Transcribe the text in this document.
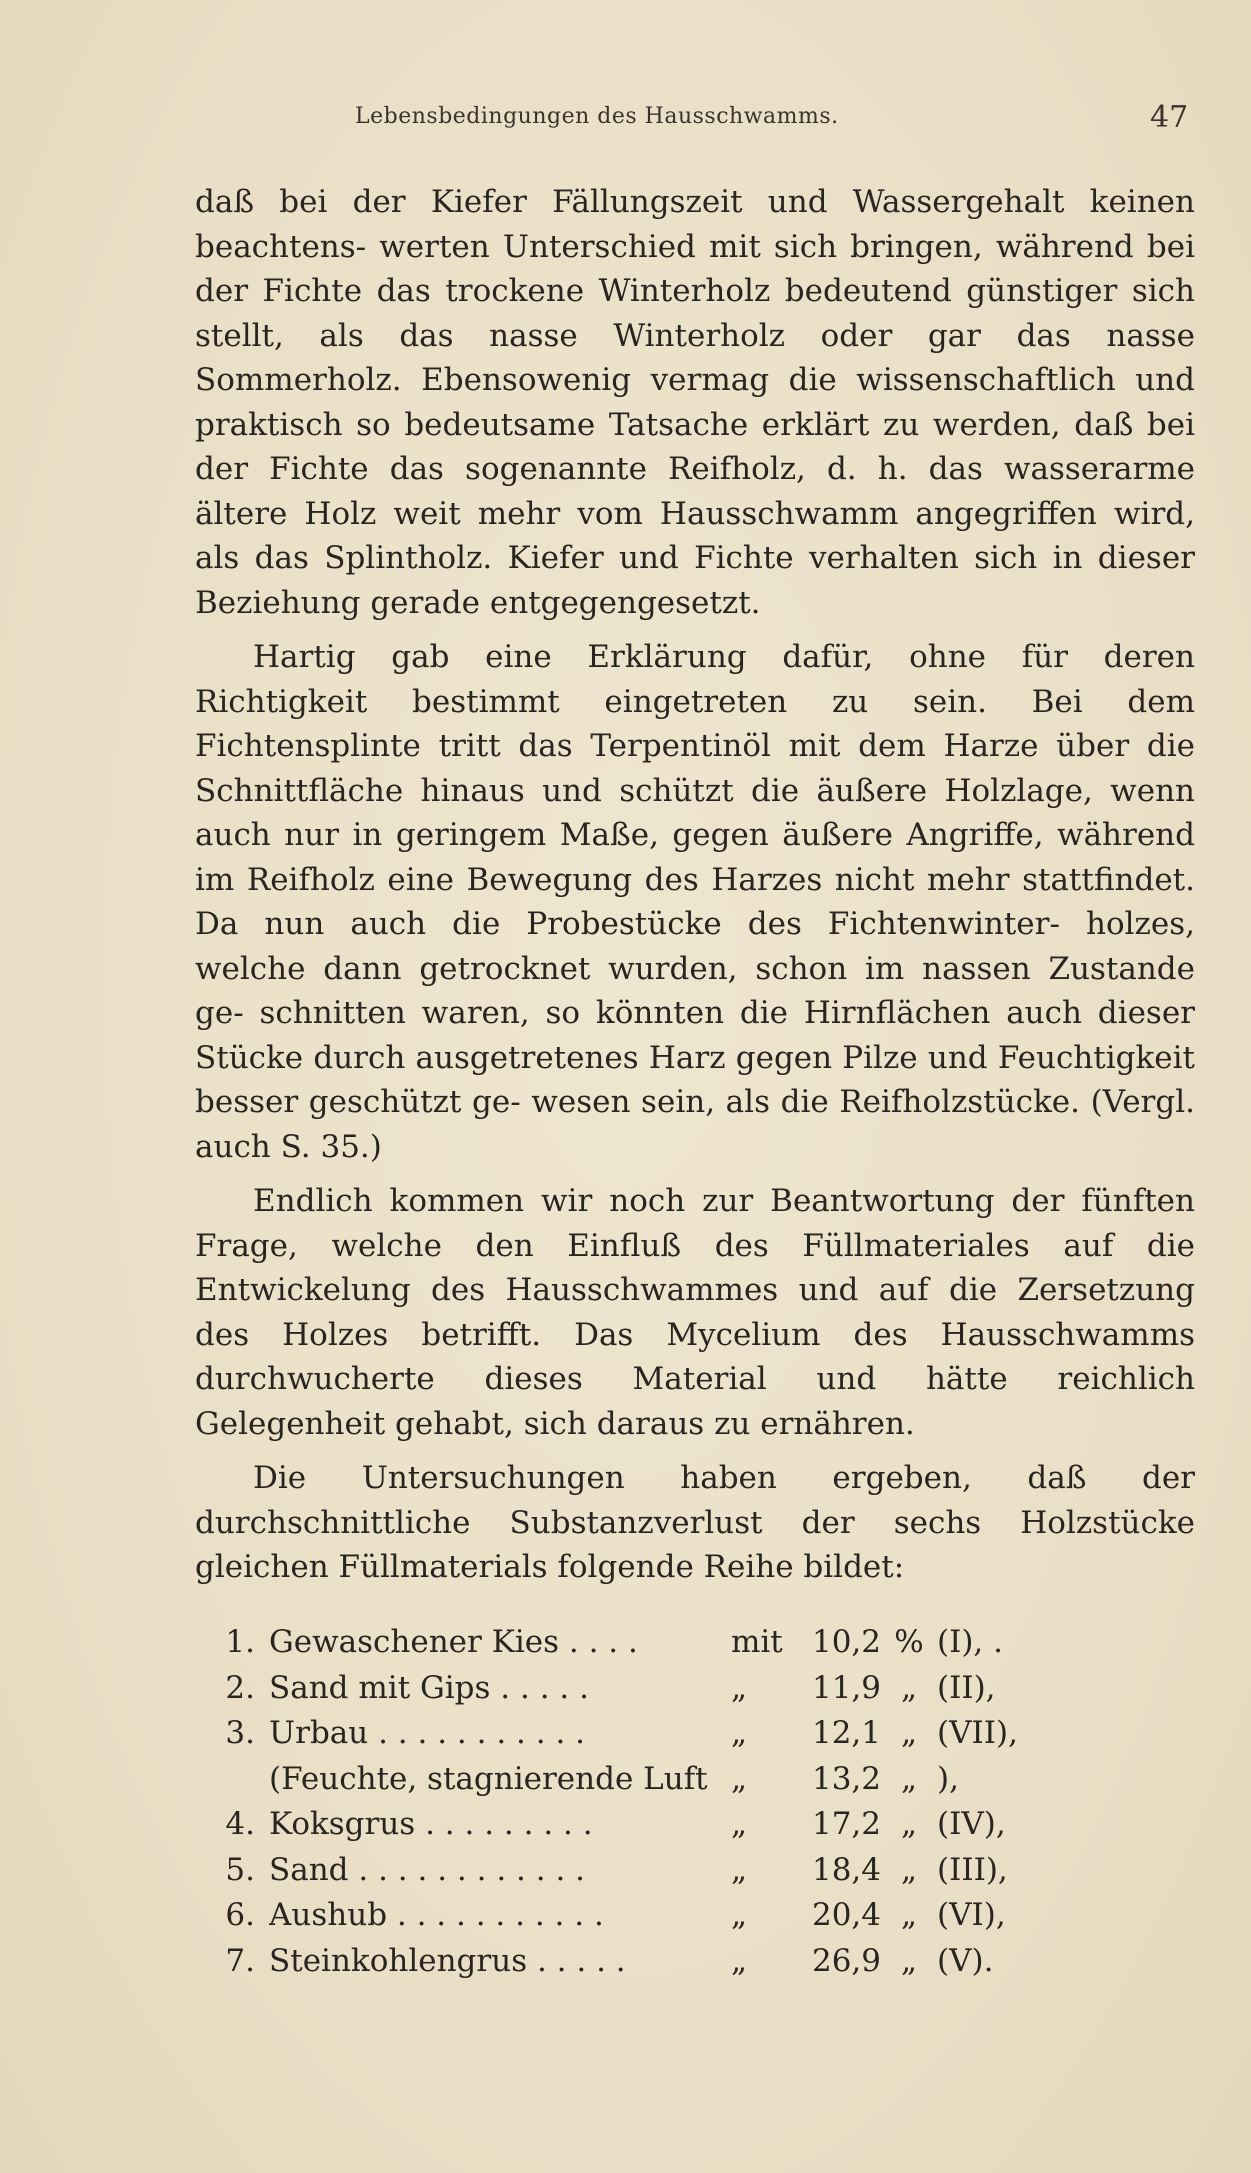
Lebensbedingungen des Hausschwamms.	47

daß bei der Kiefer Fällungszeit und Wassergehalt keinen beachtens- werten Unterschied mit sich bringen, während bei der Fichte das trockene Winterholz bedeutend günstiger sich stellt, als das nasse Winterholz oder gar das nasse Sommerholz. Ebensowenig vermag die wissenschaftlich und praktisch so bedeutsame Tatsache erklärt zu werden, daß bei der Fichte das sogenannte Reifholz, d. h. das wasserarme ältere Holz weit mehr vom Hausschwamm angegriffen wird, als das Splintholz. Kiefer und Fichte verhalten sich in dieser Beziehung gerade entgegengesetzt.

Hartig gab eine Erklärung dafür, ohne für deren Richtigkeit bestimmt eingetreten zu sein. Bei dem Fichtensplinte tritt das Terpentinöl mit dem Harze über die Schnittfläche hinaus und schützt die äußere Holzlage, wenn auch nur in geringem Maße, gegen äußere Angriffe, während im Reifholz eine Bewegung des Harzes nicht mehr stattfindet. Da nun auch die Probestücke des Fichtenwinter- holzes, welche dann getrocknet wurden, schon im nassen Zustande ge- schnitten waren, so könnten die Hirnflächen auch dieser Stücke durch ausgetretenes Harz gegen Pilze und Feuchtigkeit besser geschützt ge- wesen sein, als die Reifholzstücke. (Vergl. auch S. 35.)

Endlich kommen wir noch zur Beantwortung der fünften Frage, welche den Einfluß des Füllmateriales auf die Entwickelung des Hausschwammes und auf die Zersetzung des Holzes betrifft. Das Mycelium des Hausschwamms durchwucherte dieses Material und hätte reichlich Gelegenheit gehabt, sich daraus zu ernähren.

Die Untersuchungen haben ergeben, daß der durchschnittliche Substanzverlust der sechs Holzstücke gleichen Füllmaterials folgende Reihe bildet:

1. Gewaschener Kies . . . .	mit 10,2 % (I), .
2. Sand mit Gips . . . . .	„	11,9 „ (II),
3. Urbau . . . . . . . . . . .	„	12,1 „ (VII),
(Feuchte, stagnierende Luft „	13,2 „ ),
4. Koksgrus . . . . . . . . .	„	17,2 „ (IV),
5. Sand . . . . . . . . . . . .	„	18,4 „ (III),
6. Aushub . . . . . . . . . . .	„	20,4 „ (VI),
7. Steinkohlengrus . . . . .	„	26,9 „ (V).
